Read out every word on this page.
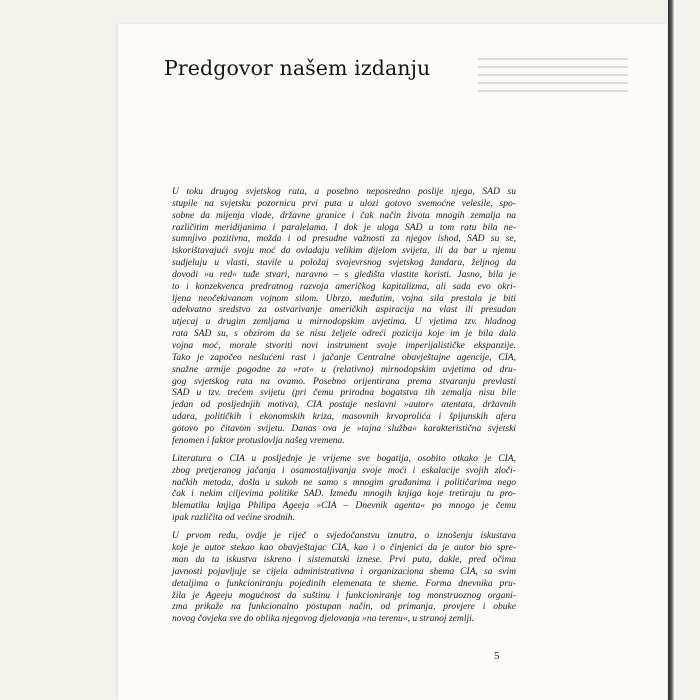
Predgovor našem izdanju
U toku drugog svjetskog rata, a posebno neposredno poslije njega, SAD su
stupile na svjetsku pozornicu prvi puta u ulozi gotovo svemoćne velesile, spo-
sobne da mijenja vlade, državne granice i čak način života mnogih zemalja na
različitim meridijanima i paralelama. I dok je uloga SAD u tom ratu bila ne-
sumnjivo pozitivna, možda i od presudne važnosti za njegov ishod, SAD su se,
iskorištavajući svoju moć da ovladaju velikim dijelom svijeta, ili da bar u njemu
sudjeluju u vlasti, stavile u položaj svojevrsnog svjetskog žandara, željnog da
dovodi »u red« tuđe stvari, naravno – s gledišta vlastite koristi. Jasno, bila je
to i konzekvenca predratnog razvoja američkog kapitalizma, ali sada evo okri-
ljena neočekivanom vojnom silom. Ubrzo, međutim, vojna sila prestala je biti
adekvatno sredstvo za ostvarivanje američkih aspiracija na vlast ili presudan
utjecaj u drugim zemljama u mirnodopskim uvjetima. U vjetima tzv. hladnog
rata SAD su, s obzirom da se nisu željele odreći pozicija koje im je bila dala
vojna moć, morale stvoriti novi instrument svoje imperijalističke ekspanzije.
Tako je započeo neslućeni rast i jačanje Centralne obavještajne agencije, CIA,
snažne armije pogodne za »rat« u (relativno) mirnodopskim uvjetima od dru-
gog svjetskog rata na ovamo. Posebno orijentirana prema stvaranju prevlasti
SAD u tzv. trećem svijetu (pri čemu prirodna bogatstva tih zemalja nisu bile
jedan od posljednjih motiva), CIA postaje neslavni »autor« atentata, državnih
udara, političkih i ekonomskih kriza, masovnih krvoprolića i špijunskih afera
gotovo po čitavom svijetu. Danas ova je »tajna služba« karakteristična svjetski
fenomen i faktor protuslovlja našeg vremena.
Literatura o CIA u posljednje je vrijeme sve bogatija, osobito otkako je CIA,
zbog pretjeranog jačanja i osamostaljivanja svoje moći i eskalacije svojih zloči-
načkih metoda, došla u sukob ne samo s mnogim građanima i političarima nego
čak i nekim ciljevima politike SAD. Između mnogih knjiga koje tretiraju tu pro-
blematiku knjiga Philipa Ageeja »CIA – Dnevnik agenta« po mnogo je čemu
ipak različita od većine srodnih.
U prvom redu, ovdje je riječ o svjedočanstvu iznutra, o iznošenju iskustava
koje je autor stekao kao obavještajac CIA, kao i o činjenici da je autor bio spre-
man da ta iskustva iskreno i sistematski iznese. Prvi puta, dakle, pred očima
javnosti pojavljuje se cijela administrativna i organizaciona shema CIA, sa svim
detaljima o funkcioniranju pojedinih elemenata te sheme. Forma dnevnika pru-
žila je Ageeju mogućnost da suštinu i funkcioniranje tog monstruoznog organi-
zma prikaže na funkcionalno postupan način, od primanja, provjere i obuke
novog čovjeka sve do oblika njegovog djelovanja »na terenu«, u stranoj zemlji.
5
